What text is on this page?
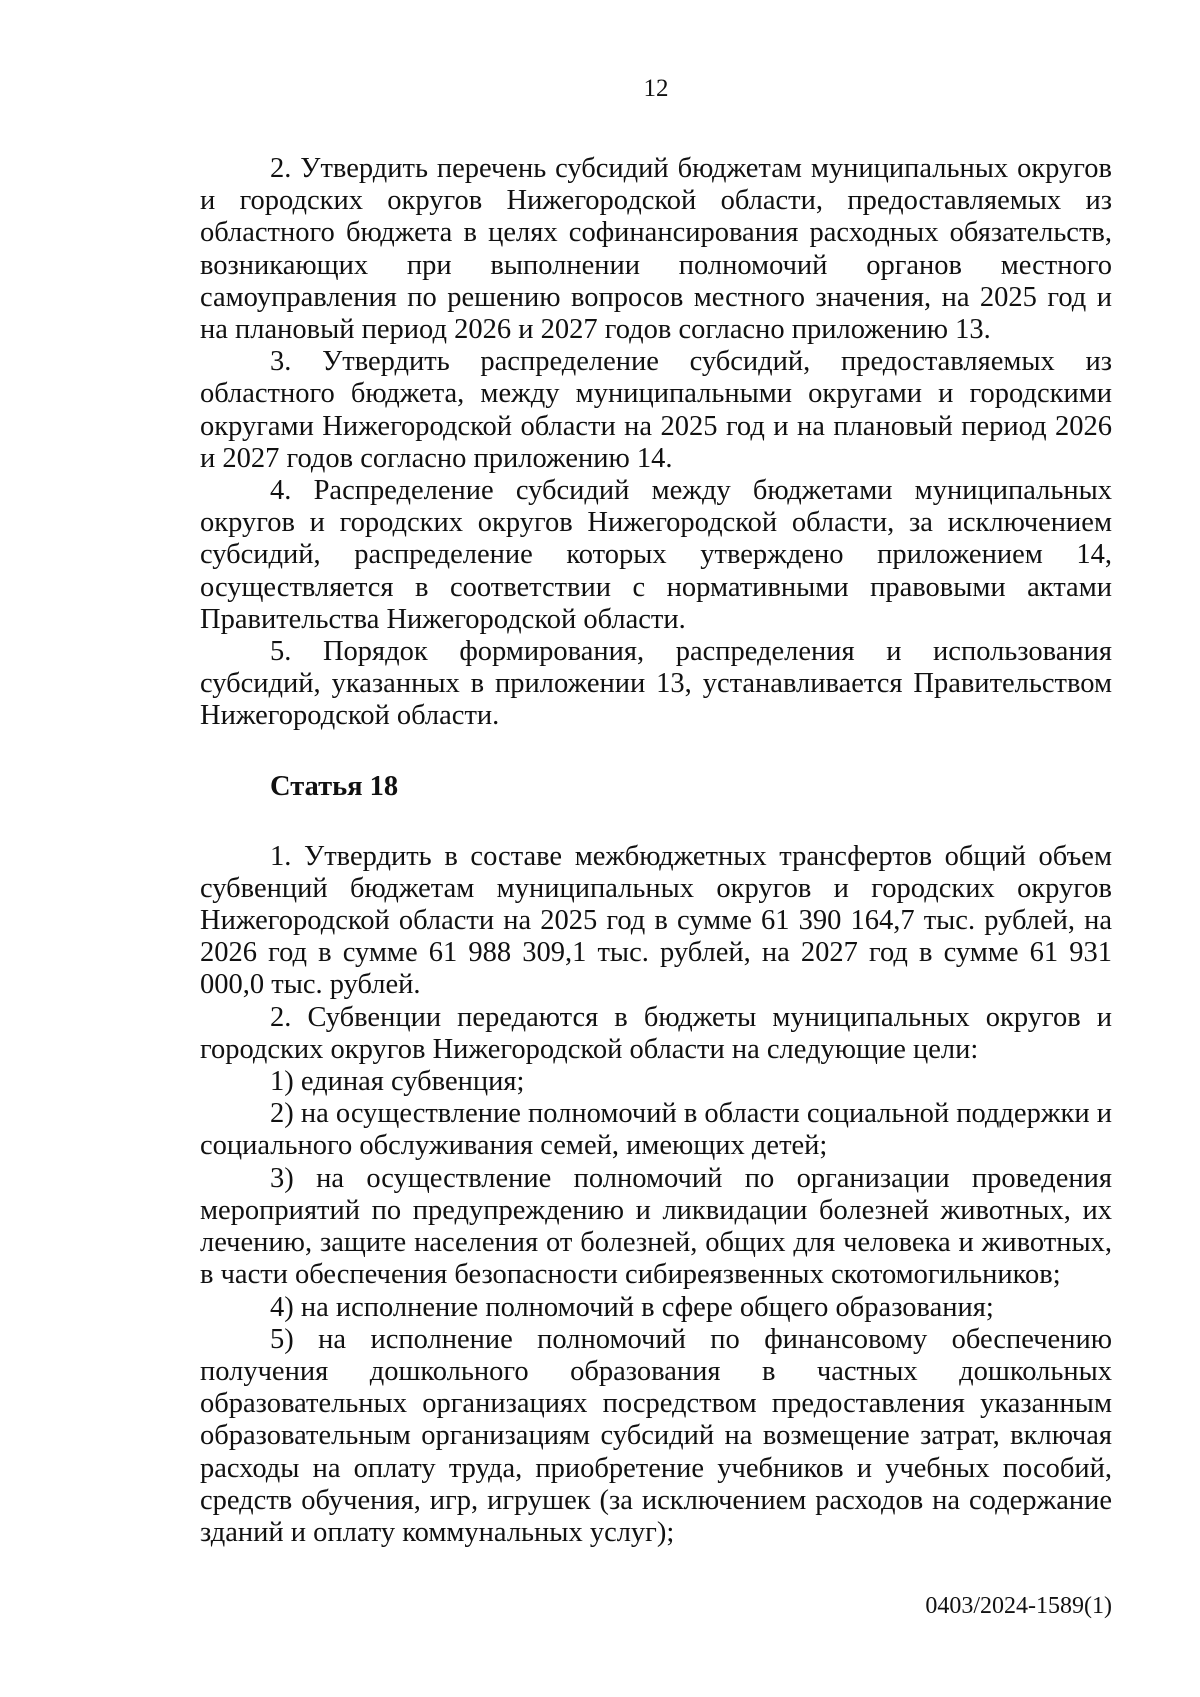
12

2. Утвердить перечень субсидий бюджетам муниципальных округов и городских округов Нижегородской области, предоставляемых из областного бюджета в целях софинансирования расходных обязательств, возникающих при выполнении полномочий органов местного самоуправления по решению вопросов местного значения, на 2025 год и на плановый период 2026 и 2027 годов согласно приложению 13.

3. Утвердить распределение субсидий, предоставляемых из областного бюджета, между муниципальными округами и городскими округами Нижегородской области на 2025 год и на плановый период 2026 и 2027 годов согласно приложению 14.

4. Распределение субсидий между бюджетами муниципальных округов и городских округов Нижегородской области, за исключением субсидий, распределение которых утверждено приложением 14, осуществляется в соответствии с нормативными правовыми актами Правительства Нижегородской области.

5. Порядок формирования, распределения и использования субсидий, указанных в приложении 13, устанавливается Правительством Нижегородской области.

Статья 18

1. Утвердить в составе межбюджетных трансфертов общий объем субвенций бюджетам муниципальных округов и городских округов Нижегородской области на 2025 год в сумме 61 390 164,7 тыс. рублей, на 2026 год в сумме 61 988 309,1 тыс. рублей, на 2027 год в сумме 61 931 000,0 тыс. рублей.

2. Субвенции передаются в бюджеты муниципальных округов и городских округов Нижегородской области на следующие цели:

1) единая субвенция;

2) на осуществление полномочий в области социальной поддержки и социального обслуживания семей, имеющих детей;

3) на осуществление полномочий по организации проведения мероприятий по предупреждению и ликвидации болезней животных, их лечению, защите населения от болезней, общих для человека и животных, в части обеспечения безопасности сибиреязвенных скотомогильников;

4) на исполнение полномочий в сфере общего образования;

5) на исполнение полномочий по финансовому обеспечению получения дошкольного образования в частных дошкольных образовательных организациях посредством предоставления указанным образовательным организациям субсидий на возмещение затрат, включая расходы на оплату труда, приобретение учебников и учебных пособий, средств обучения, игр, игрушек (за исключением расходов на содержание зданий и оплату коммунальных услуг);

0403/2024-1589(1)
